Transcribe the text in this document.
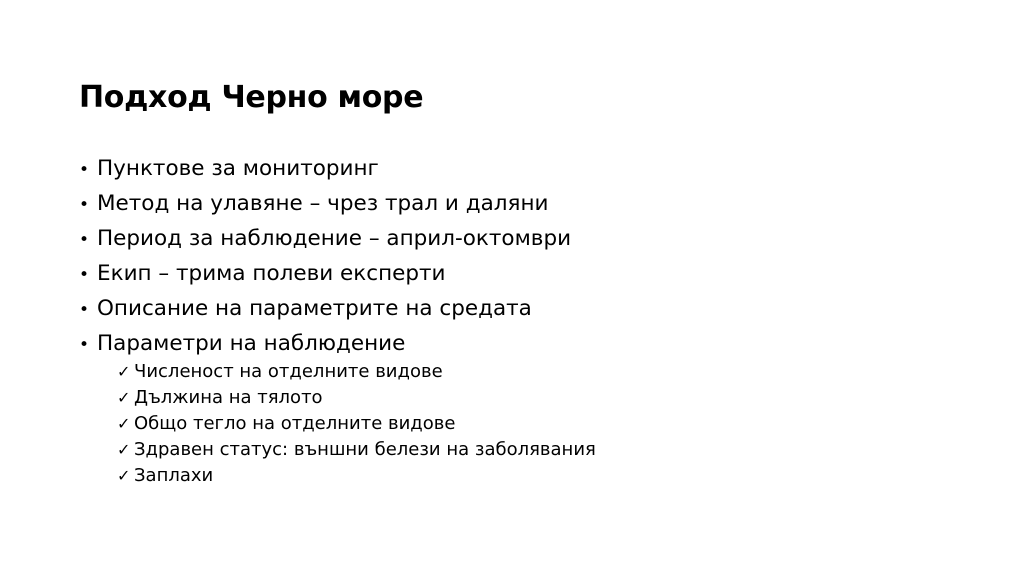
Подход Черно море
• Пунктове за мониторинг
• Метод на улавяне – чрез трал и даляни
• Период за наблюдение – април-октомври
• Екип – трима полеви експерти
• Описание на параметрите на средата
• Параметри на наблюдение
✓ Численост на отделните видове
✓ Дължина на тялото
✓ Общо тегло на отделните видове
✓ Здравен статус: външни белези на заболявания
✓ Заплахи
